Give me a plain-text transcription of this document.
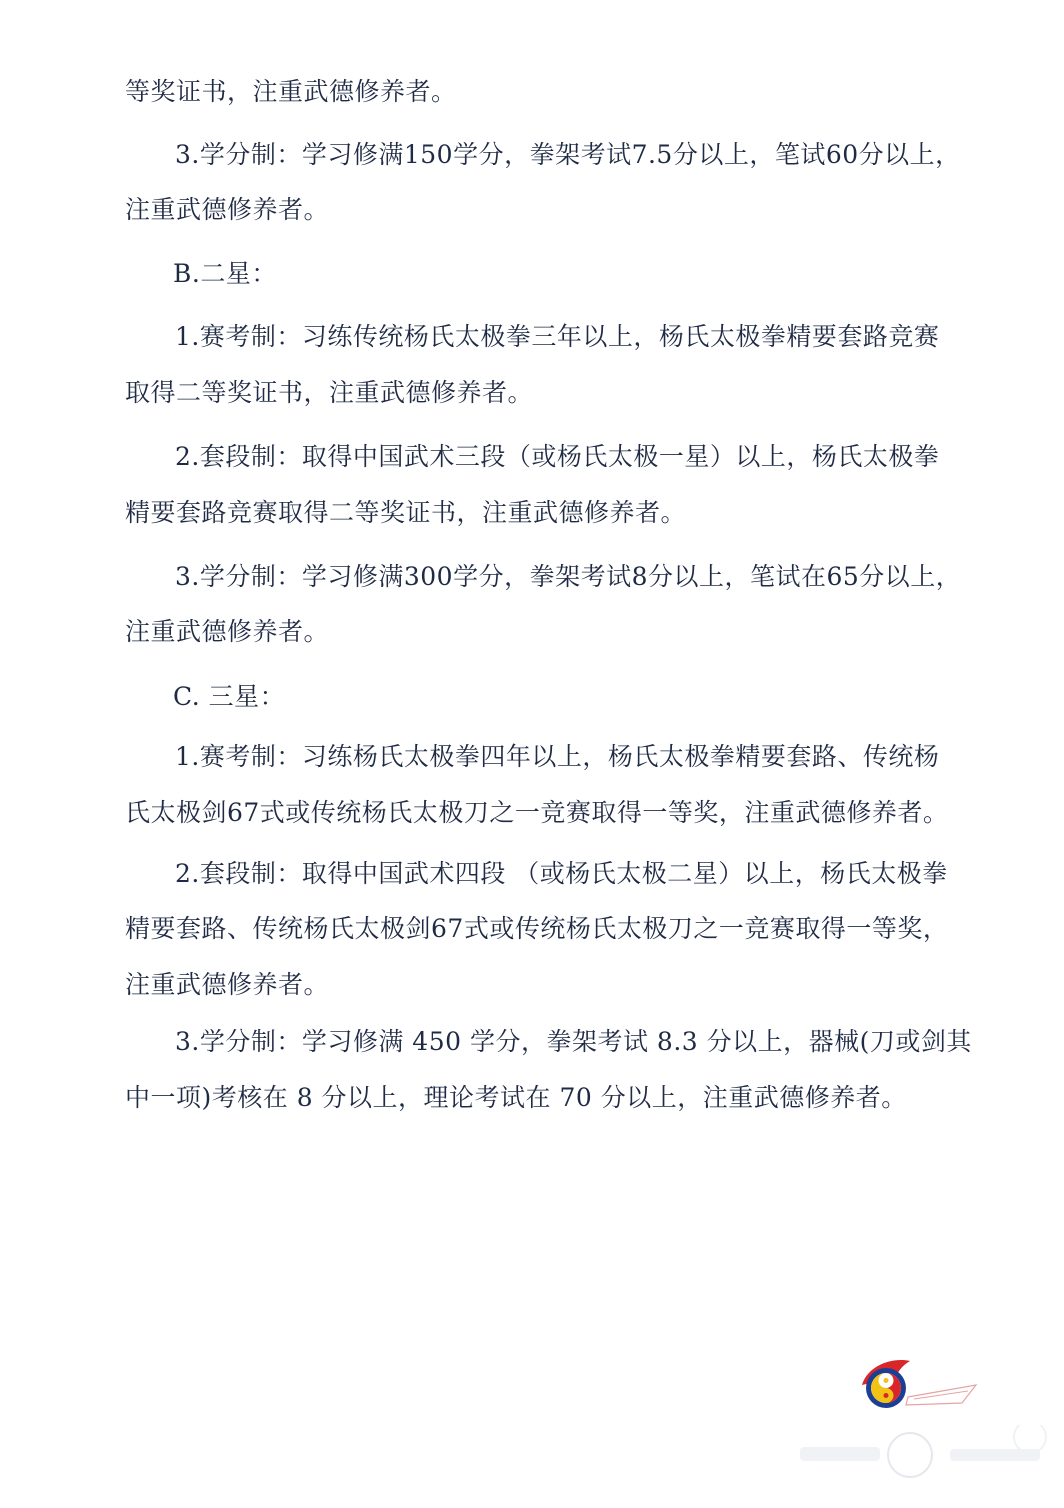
等奖证书，注重武德修养者。
3.学分制：学习修满150学分，拳架考试7.5分以上，笔试60分以上，
注重武德修养者。
B.二星：
1.赛考制：习练传统杨氏太极拳三年以上，杨氏太极拳精要套路竞赛
取得二等奖证书，注重武德修养者。
2.套段制：取得中国武术三段（或杨氏太极一星）以上，杨氏太极拳
精要套路竞赛取得二等奖证书，注重武德修养者。
3.学分制：学习修满300学分，拳架考试8分以上，笔试在65分以上，
注重武德修养者。
C. 三星：
1.赛考制：习练杨氏太极拳四年以上，杨氏太极拳精要套路、传统杨
氏太极剑67式或传统杨氏太极刀之一竞赛取得一等奖，注重武德修养者。
2.套段制：取得中国武术四段 （或杨氏太极二星）以上，杨氏太极拳
精要套路、传统杨氏太极剑67式或传统杨氏太极刀之一竞赛取得一等奖，
注重武德修养者。
3.学分制：学习修满 450 学分，拳架考试 8.3 分以上，器械(刀或剑其
中一项)考核在 8 分以上，理论考试在 70 分以上，注重武德修养者。
